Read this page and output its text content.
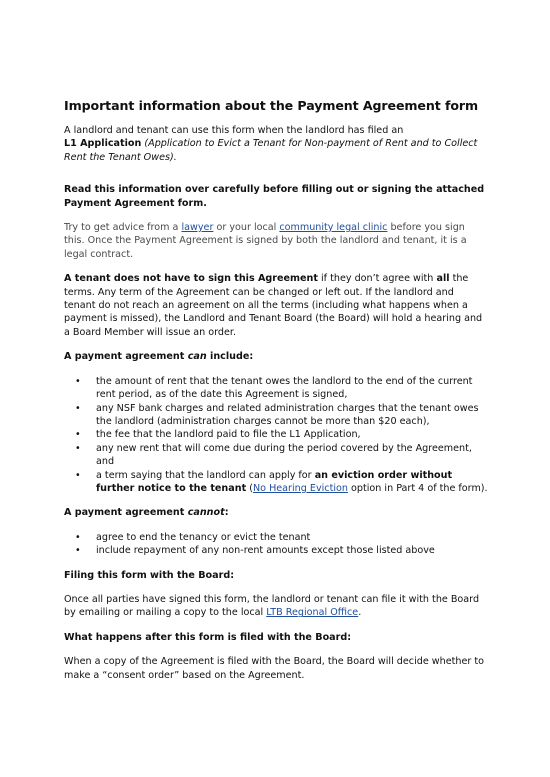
Important information about the Payment Agreement form

A landlord and tenant can use this form when the landlord has filed an
L1 Application (Application to Evict a Tenant for Non-payment of Rent and to Collect Rent the Tenant Owes).

Read this information over carefully before filling out or signing the attached Payment Agreement form.

Try to get advice from a lawyer or your local community legal clinic before you sign this. Once the Payment Agreement is signed by both the landlord and tenant, it is a legal contract.

A tenant does not have to sign this Agreement if they don’t agree with all the terms. Any term of the Agreement can be changed or left out. If the landlord and tenant do not reach an agreement on all the terms (including what happens when a payment is missed), the Landlord and Tenant Board (the Board) will hold a hearing and a Board Member will issue an order.

A payment agreement can include:

• the amount of rent that the tenant owes the landlord to the end of the current rent period, as of the date this Agreement is signed,
• any NSF bank charges and related administration charges that the tenant owes the landlord (administration charges cannot be more than $20 each),
• the fee that the landlord paid to file the L1 Application,
• any new rent that will come due during the period covered by the Agreement, and
• a term saying that the landlord can apply for an eviction order without further notice to the tenant (No Hearing Eviction option in Part 4 of the form).

A payment agreement cannot:

• agree to end the tenancy or evict the tenant
• include repayment of any non-rent amounts except those listed above

Filing this form with the Board:

Once all parties have signed this form, the landlord or tenant can file it with the Board by emailing or mailing a copy to the local LTB Regional Office.

What happens after this form is filed with the Board:

When a copy of the Agreement is filed with the Board, the Board will decide whether to make a “consent order” based on the Agreement.
